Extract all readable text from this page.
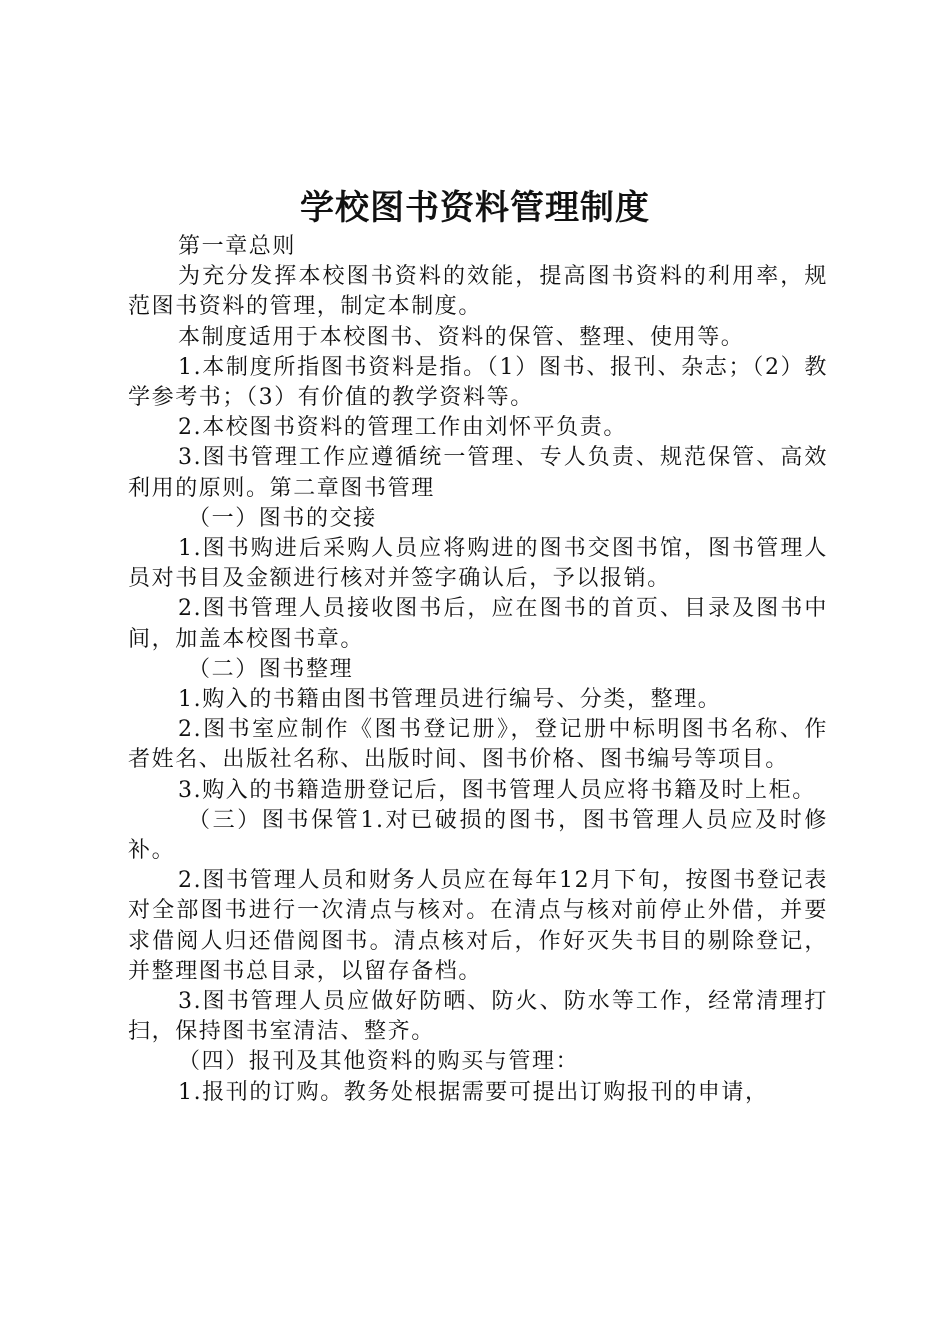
学校图书资料管理制度

第一章总则

为充分发挥本校图书资料的效能，提高图书资料的利用率，规范图书资料的管理，制定本制度。

本制度适用于本校图书、资料的保管、整理、使用等。

1.本制度所指图书资料是指。（1）图书、报刊、杂志；（2）教学参考书；（3）有价值的教学资料等。

2.本校图书资料的管理工作由刘怀平负责。

3.图书管理工作应遵循统一管理、专人负责、规范保管、高效利用的原则。第二章图书管理

（一）图书的交接

1.图书购进后采购人员应将购进的图书交图书馆，图书管理人员对书目及金额进行核对并签字确认后，予以报销。

2.图书管理人员接收图书后，应在图书的首页、目录及图书中间，加盖本校图书章。

（二）图书整理

1.购入的书籍由图书管理员进行编号、分类，整理。

2.图书室应制作《图书登记册》，登记册中标明图书名称、作者姓名、出版社名称、出版时间、图书价格、图书编号等项目。

3.购入的书籍造册登记后，图书管理人员应将书籍及时上柜。

（三）图书保管1.对已破损的图书，图书管理人员应及时修补。

2.图书管理人员和财务人员应在每年12月下旬，按图书登记表对全部图书进行一次清点与核对。在清点与核对前停止外借，并要求借阅人归还借阅图书。清点核对后，作好灭失书目的剔除登记，并整理图书总目录，以留存备档。

3.图书管理人员应做好防晒、防火、防水等工作，经常清理打扫，保持图书室清洁、整齐。

（四）报刊及其他资料的购买与管理：

1.报刊的订购。教务处根据需要可提出订购报刊的申请，
